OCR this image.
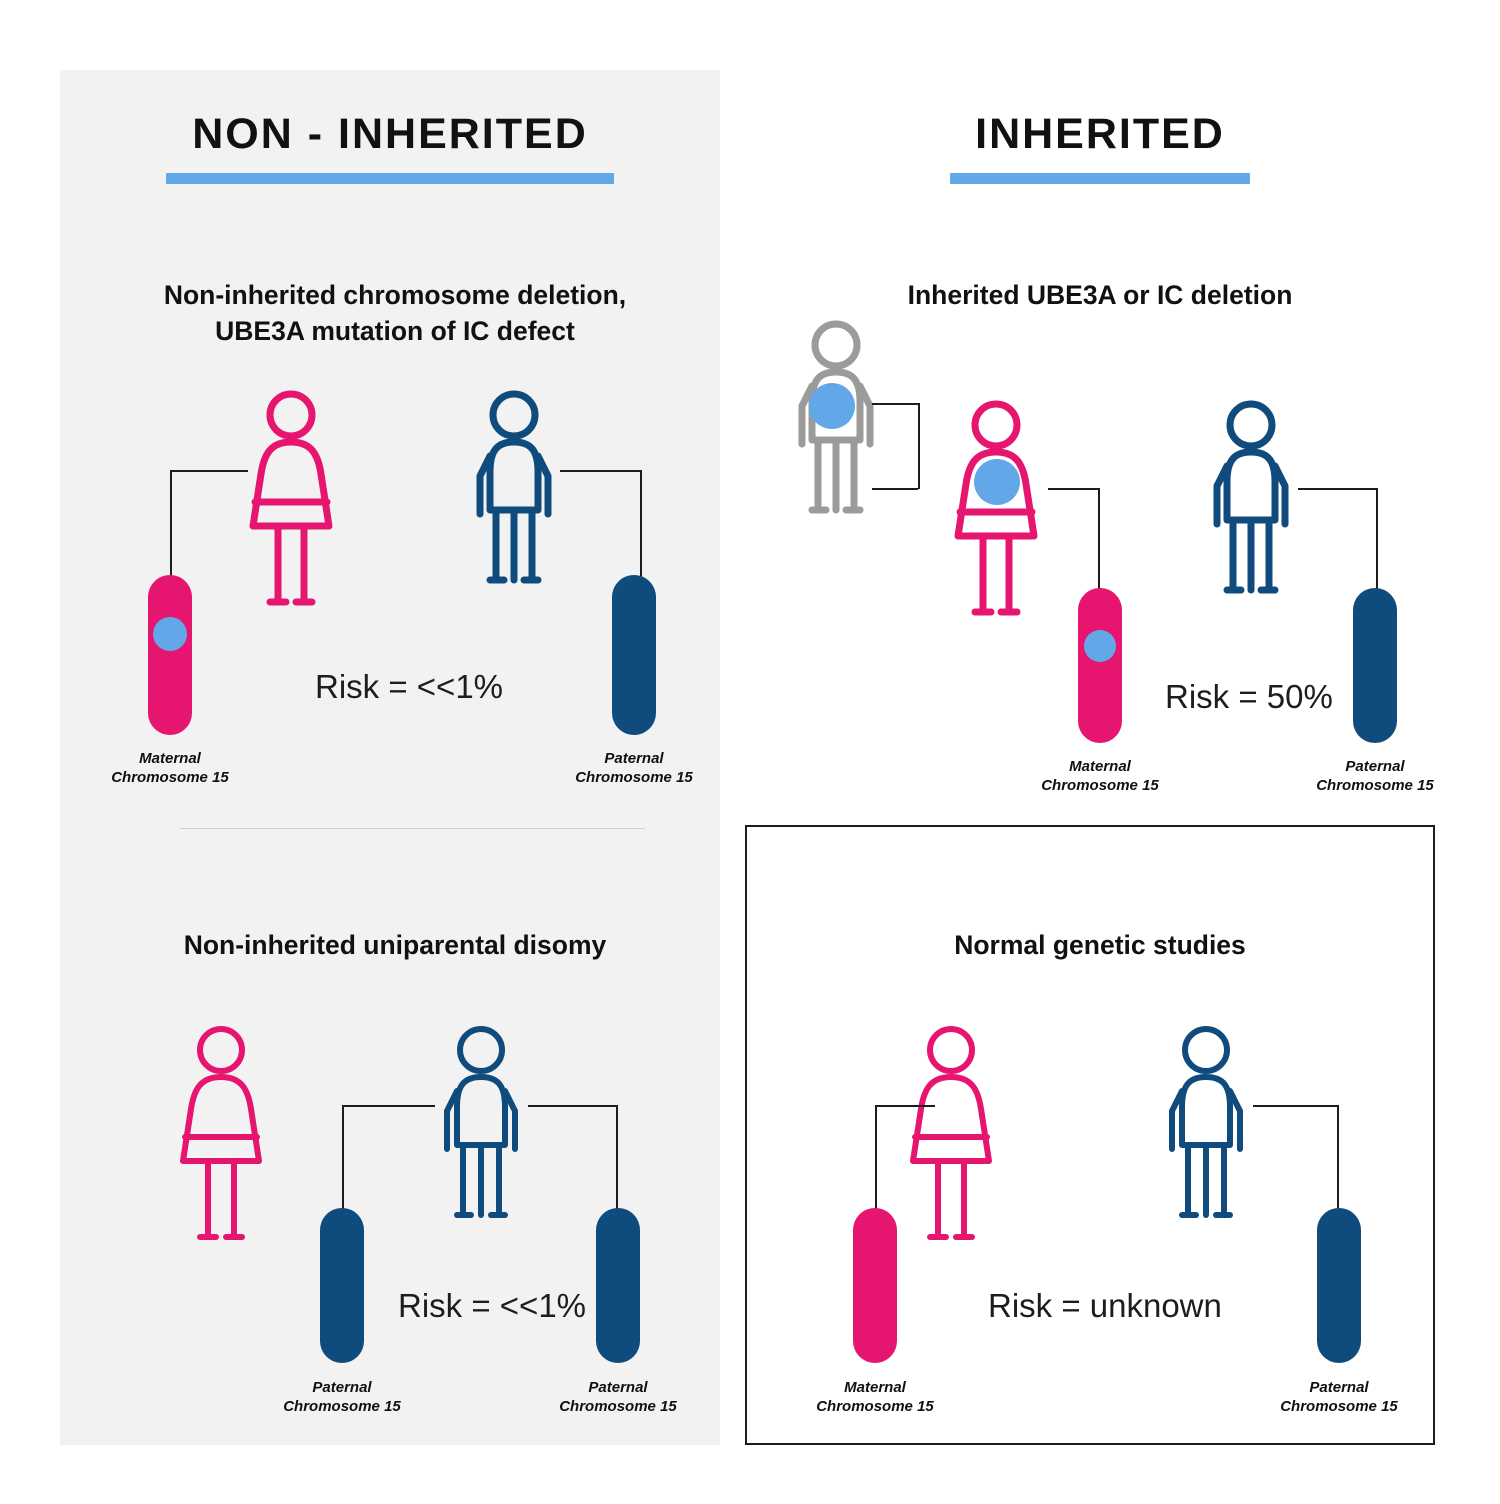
NON - INHERITED	INHERITED
Non-inherited chromosome deletion,
UBE3A mutation of IC defect
Maternal
Chromosome 15
Paternal
Chromosome 15
Risk = <<1%
Non-inherited uniparental disomy
Paternal
Chromosome 15
Paternal
Chromosome 15
Risk = <<1%
Inherited UBE3A or IC deletion
Maternal
Chromosome 15
Paternal
Chromosome 15
Risk = 50%
Normal genetic studies
Maternal
Chromosome 15
Paternal
Chromosome 15
Risk = unknown
